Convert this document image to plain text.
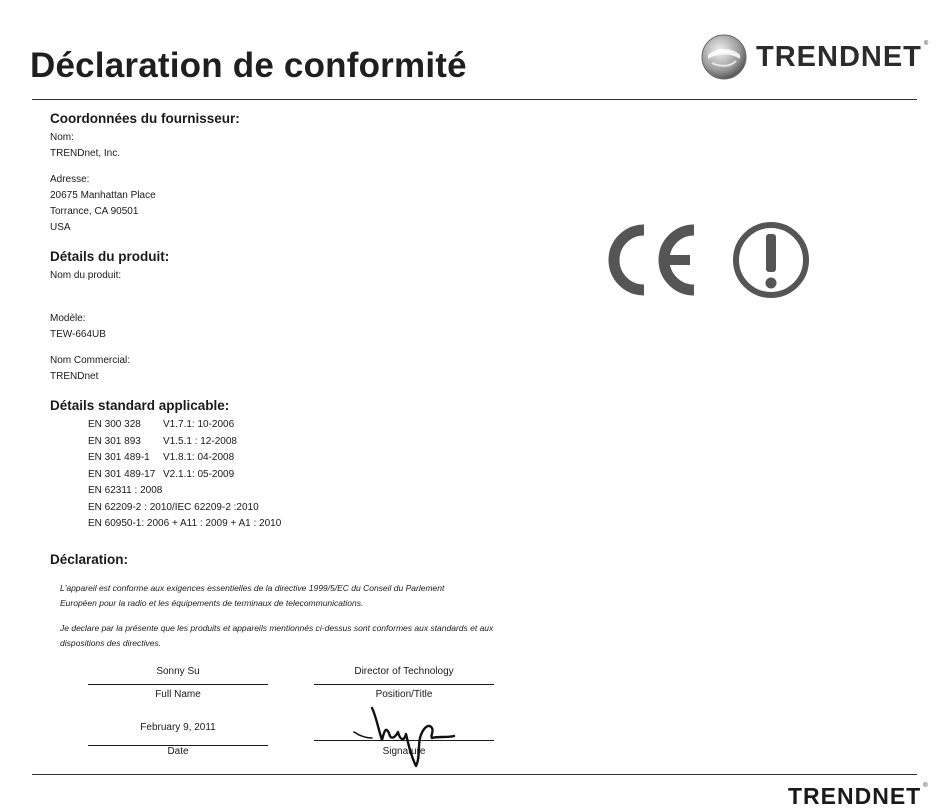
Déclaration de conformité	TRENDNET ®
Coordonnées du fournisseur:
Nom:
TRENDnet, Inc.
Adresse:
20675 Manhattan Place
Torrance, CA 90501
USA
Détails du produit:
Nom du produit:
Modèle:
TEW-664UB
Nom Commercial:
TRENDnet
Détails standard applicable:
EN 300 328 V1.7.1: 10-2006
EN 301 893 V1.5.1 : 12-2008
EN 301 489-1 V1.8.1: 04-2008
EN 301 489-17 V2.1.1: 05-2009
EN 62311 : 2008
EN 62209-2 : 2010/IEC 62209-2 :2010
EN 60950-1: 2006 + A11 : 2009 + A1 : 2010
Déclaration:
L'appareil est conforme aux exigences essentielles de la directive 1999/5/EC du Conseil du Parlement
Européen pour la radio et les équipements de terminaux de telecommunications.
Je declare par la présente que les produits et appareils mentionnés ci-dessus sont conformes aux standards et aux
dispositions des directives.
Sonny Su
Full Name
Director of Technology
Position/Title
February 9, 2011
Date	Signature
TRENDNET ®
